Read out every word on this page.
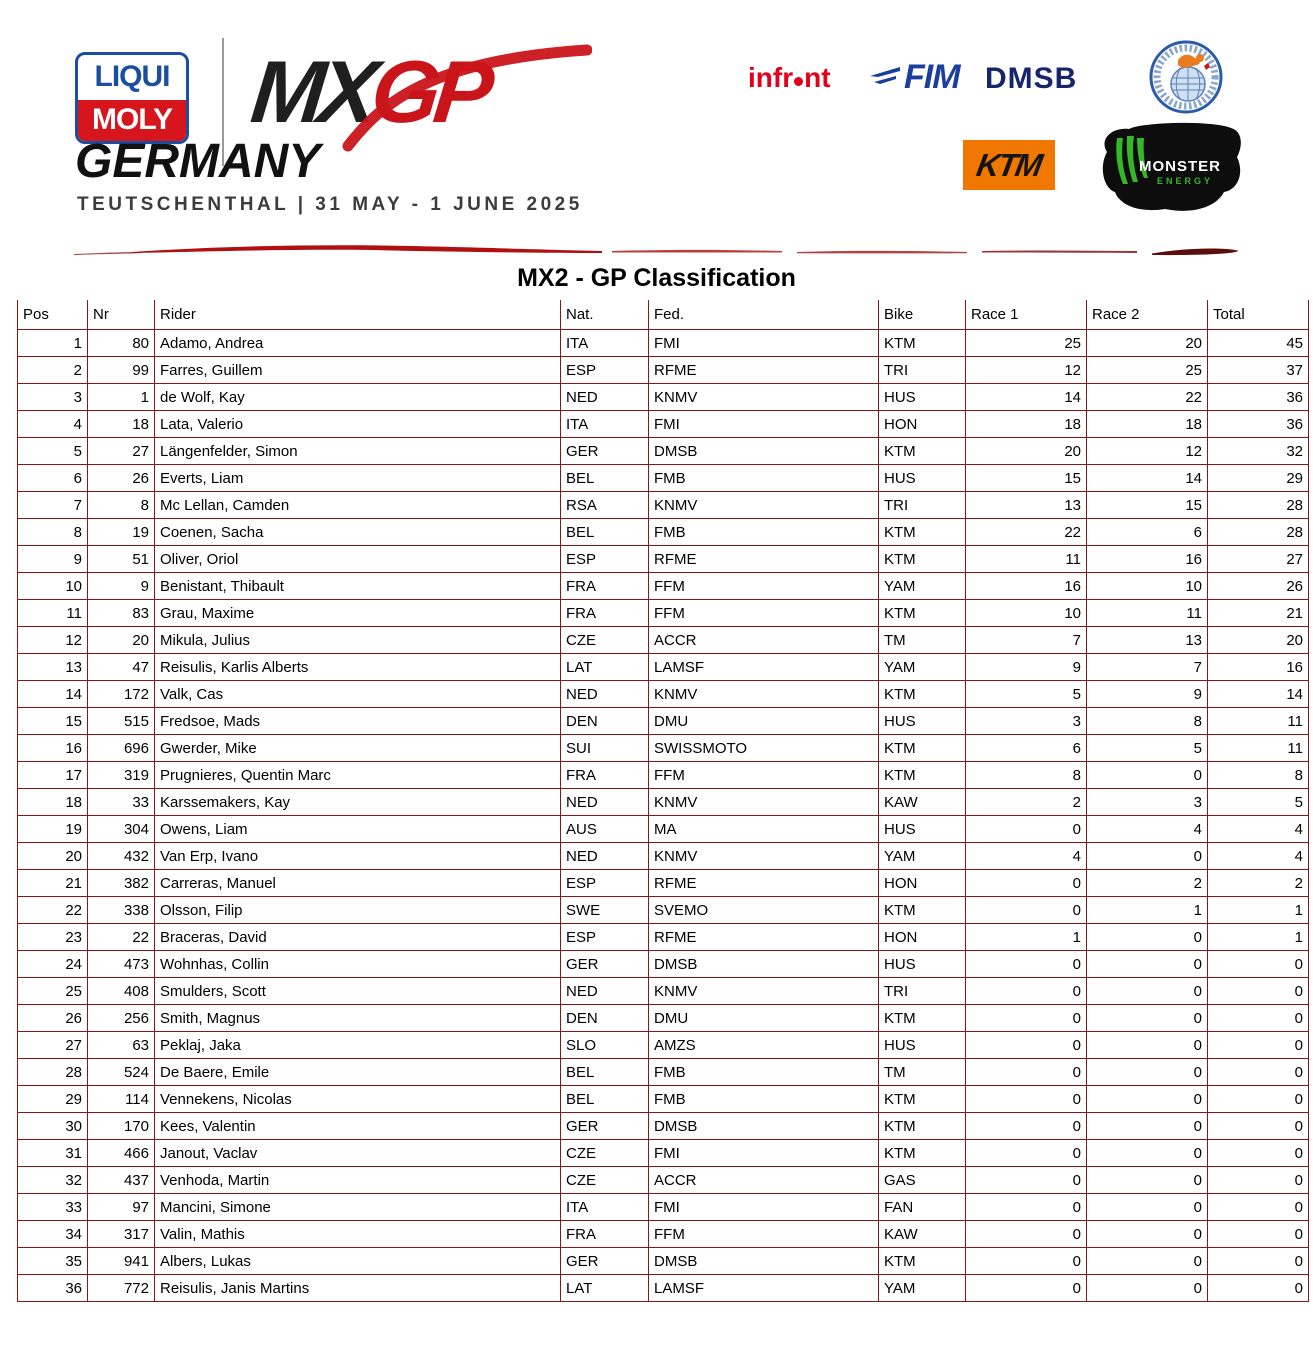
LIQUI
MOLY MXGP
GERMANY
TEUTSCHENTHAL | 31 MAY - 1 JUNE 2025
infr nt FIM DMSB
KTM	MONSTER
ENERGY
MX2 - GP Classification
Pos	Nr	Rider	Nat.	Fed.	Bike	Race 1	Race 2	Total
1	80	Adamo, Andrea	ITA	FMI	KTM	25	20	45
2	99	Farres, Guillem	ESP	RFME	TRI	12	25	37
3	1	de Wolf, Kay	NED	KNMV	HUS	14	22	36
4	18	Lata, Valerio	ITA	FMI	HON	18	18	36
5	27	Längenfelder, Simon	GER	DMSB	KTM	20	12	32
6	26	Everts, Liam	BEL	FMB	HUS	15	14	29
7	8	Mc Lellan, Camden	RSA	KNMV	TRI	13	15	28
8	19	Coenen, Sacha	BEL	FMB	KTM	22	6	28
9	51	Oliver, Oriol	ESP	RFME	KTM	11	16	27
10	9	Benistant, Thibault	FRA	FFM	YAM	16	10	26
11	83	Grau, Maxime	FRA	FFM	KTM	10	11	21
12	20	Mikula, Julius	CZE	ACCR	TM	7	13	20
13	47	Reisulis, Karlis Alberts	LAT	LAMSF	YAM	9	7	16
14	172	Valk, Cas	NED	KNMV	KTM	5	9	14
15	515	Fredsoe, Mads	DEN	DMU	HUS	3	8	11
16	696	Gwerder, Mike	SUI	SWISSMOTO	KTM	6	5	11
17	319	Prugnieres, Quentin Marc	FRA	FFM	KTM	8	0	8
18	33	Karssemakers, Kay	NED	KNMV	KAW	2	3	5
19	304	Owens, Liam	AUS	MA	HUS	0	4	4
20	432	Van Erp, Ivano	NED	KNMV	YAM	4	0	4
21	382	Carreras, Manuel	ESP	RFME	HON	0	2	2
22	338	Olsson, Filip	SWE	SVEMO	KTM	0	1	1
23	22	Braceras, David	ESP	RFME	HON	1	0	1
24	473	Wohnhas, Collin	GER	DMSB	HUS	0	0	0
25	408	Smulders, Scott	NED	KNMV	TRI	0	0	0
26	256	Smith, Magnus	DEN	DMU	KTM	0	0	0
27	63	Peklaj, Jaka	SLO	AMZS	HUS	0	0	0
28	524	De Baere, Emile	BEL	FMB	TM	0	0	0
29	114	Vennekens, Nicolas	BEL	FMB	KTM	0	0	0
30	170	Kees, Valentin	GER	DMSB	KTM	0	0	0
31	466	Janout, Vaclav	CZE	FMI	KTM	0	0	0
32	437	Venhoda, Martin	CZE	ACCR	GAS	0	0	0
33	97	Mancini, Simone	ITA	FMI	FAN	0	0	0
34	317	Valin, Mathis	FRA	FFM	KAW	0	0	0
35	941	Albers, Lukas	GER	DMSB	KTM	0	0	0
36	772	Reisulis, Janis Martins	LAT	LAMSF	YAM	0	0	0
